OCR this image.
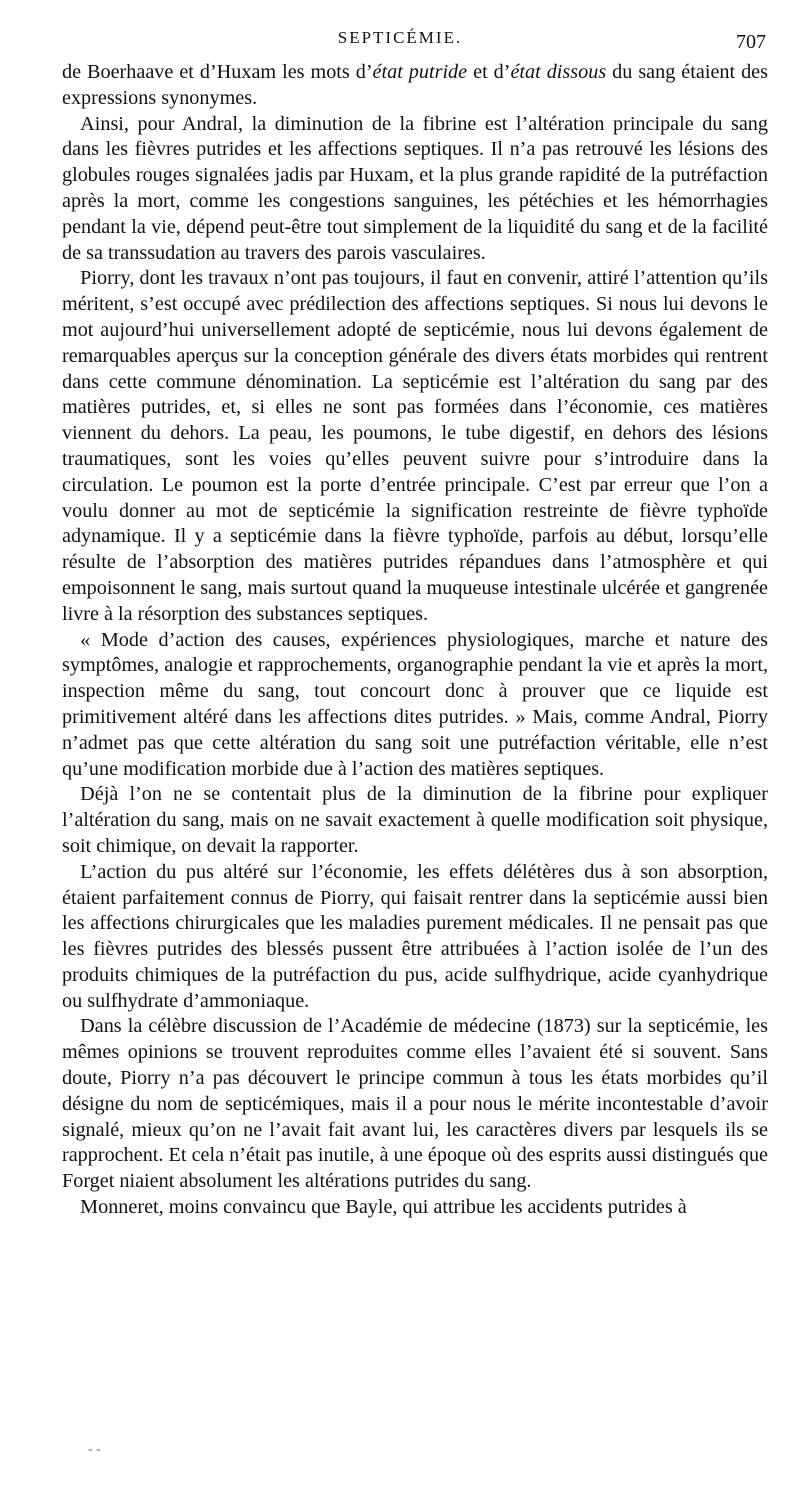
SEPTICÉMIE.	707

de Boerhaave et d’Huxam les mots d’état putride et d’état dissous du sang étaient des expressions synonymes.

Ainsi, pour Andral, la diminution de la fibrine est l’altération principale du sang dans les fièvres putrides et les affections septiques. Il n’a pas retrouvé les lésions des globules rouges signalées jadis par Huxam, et la plus grande rapidité de la putréfaction après la mort, comme les congestions sanguines, les pétéchies et les hémorrhagies pendant la vie, dépend peut-être tout simplement de la liquidité du sang et de la facilité de sa transsudation au travers des parois vasculaires.

Piorry, dont les travaux n’ont pas toujours, il faut en convenir, attiré l’attention qu’ils méritent, s’est occupé avec prédilection des affections septiques. Si nous lui devons le mot aujourd’hui universellement adopté de septicémie, nous lui devons également de remarquables aperçus sur la conception générale des divers états morbides qui rentrent dans cette commune dénomination. La septicémie est l’altération du sang par des matières putrides, et, si elles ne sont pas formées dans l’économie, ces matières viennent du dehors. La peau, les poumons, le tube digestif, en dehors des lésions traumatiques, sont les voies qu’elles peuvent suivre pour s’introduire dans la circulation. Le poumon est la porte d’entrée principale. C’est par erreur que l’on a voulu donner au mot de septicémie la signification restreinte de fièvre typhoïde adynamique. Il y a septicémie dans la fièvre typhoïde, parfois au début, lorsqu’elle résulte de l’absorption des matières putrides répandues dans l’atmosphère et qui empoisonnent le sang, mais surtout quand la muqueuse intestinale ulcérée et gangrenée livre à la résorption des substances septiques.

« Mode d’action des causes, expériences physiologiques, marche et nature des symptômes, analogie et rapprochements, organographie pendant la vie et après la mort, inspection même du sang, tout concourt donc à prouver que ce liquide est primitivement altéré dans les affections dites putrides. » Mais, comme Andral, Piorry n’admet pas que cette altération du sang soit une putréfaction véritable, elle n’est qu’une modification morbide due à l’action des matières septiques.

Déjà l’on ne se contentait plus de la diminution de la fibrine pour expliquer l’altération du sang, mais on ne savait exactement à quelle modification soit physique, soit chimique, on devait la rapporter.

L’action du pus altéré sur l’économie, les effets délétères dus à son absorption, étaient parfaitement connus de Piorry, qui faisait rentrer dans la septicémie aussi bien les affections chirurgicales que les maladies purement médicales. Il ne pensait pas que les fièvres putrides des blessés pussent être attribuées à l’action isolée de l’un des produits chimiques de la putréfaction du pus, acide sulfhydrique, acide cyanhydrique ou sulfhydrate d’ammoniaque.

Dans la célèbre discussion de l’Académie de médecine (1873) sur la septicémie, les mêmes opinions se trouvent reproduites comme elles l’avaient été si souvent. Sans doute, Piorry n’a pas découvert le principe commun à tous les états morbides qu’il désigne du nom de septicémiques, mais il a pour nous le mérite incontestable d’avoir signalé, mieux qu’on ne l’avait fait avant lui, les caractères divers par lesquels ils se rapprochent. Et cela n’était pas inutile, à une époque où des esprits aussi distingués que Forget niaient absolument les altérations putrides du sang.

Monneret, moins convaincu que Bayle, qui attribue les accidents putrides à

- -
